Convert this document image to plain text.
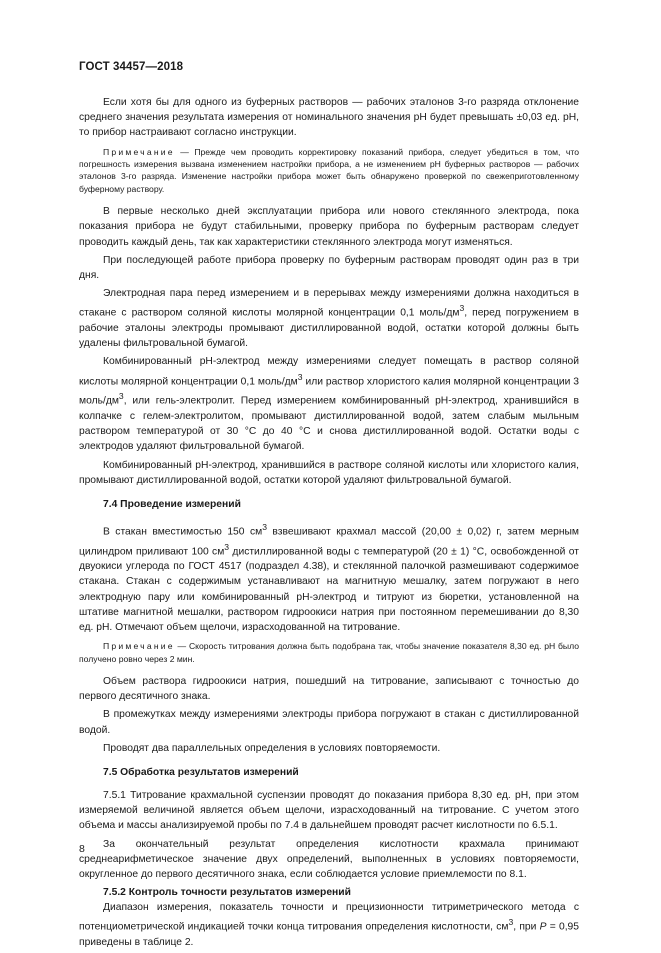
ГОСТ 34457—2018

Если хотя бы для одного из буферных растворов — рабочих эталонов 3-го разряда отклонение среднего значения результата измерения от номинального значения pH будет превышать ±0,03 ед. pH, то прибор настраивают согласно инструкции.

Примечание — Прежде чем проводить корректировку показаний прибора, следует убедиться в том, что погрешность измерения вызвана изменением настройки прибора, а не изменением pH буферных растворов — рабочих эталонов 3-го разряда. Изменение настройки прибора может быть обнаружено проверкой по свежеприготовленному буферному раствору.

В первые несколько дней эксплуатации прибора или нового стеклянного электрода, пока показания прибора не будут стабильными, проверку прибора по буферным растворам следует проводить каждый день, так как характеристики стеклянного электрода могут изменяться.

При последующей работе прибора проверку по буферным растворам проводят один раз в три дня.

Электродная пара перед измерением и в перерывах между измерениями должна находиться в стакане с раствором соляной кислоты молярной концентрации 0,1 моль/$дм^3$, перед погружением в рабочие эталоны электроды промывают дистиллированной водой, остатки которой должны быть удалены фильтровальной бумагой.

Комбинированный pH-электрод между измерениями следует помещать в раствор соляной кислоты молярной концентрации 0,1 моль/$дм^3$ или раствор хлористого калия молярной концентрации 3 моль/$дм^3$, или гель-электролит. Перед измерением комбинированный pH-электрод, хранившийся в колпачке с гелем-электролитом, промывают дистиллированной водой, затем слабым мыльным раствором температурой от 30 °С до 40 °С и снова дистиллированной водой. Остатки воды с электродов удаляют фильтровальной бумагой.

Комбинированный pH-электрод, хранившийся в растворе соляной кислоты или хлористого калия, промывают дистиллированной водой, остатки которой удаляют фильтровальной бумагой.

7.4 Проведение измерений

В стакан вместимостью 150 $см^3$ взвешивают крахмал массой (20,00 ± 0,02) г, затем мерным цилиндром приливают 100 $см^3$ дистиллированной воды с температурой (20 ± 1) °С, освобожденной от двуокиси углерода по ГОСТ 4517 (подраздел 4.38), и стеклянной палочкой размешивают содержимое стакана. Стакан с содержимым устанавливают на магнитную мешалку, затем погружают в него электродную пару или комбинированный pH-электрод и титруют из бюретки, установленной на штативе магнитной мешалки, раствором гидроокиси натрия при постоянном перемешивании до 8,30 ед. pH. Отмечают объем щелочи, израсходованной на титрование.

Примечание — Скорость титрования должна быть подобрана так, чтобы значение показателя 8,30 ед. pH было получено ровно через 2 мин.

Объем раствора гидроокиси натрия, пошедший на титрование, записывают с точностью до первого десятичного знака.

В промежутках между измерениями электроды прибора погружают в стакан с дистиллированной водой.

Проводят два параллельных определения в условиях повторяемости.

7.5 Обработка результатов измерений

7.5.1 Титрование крахмальной суспензии проводят до показания прибора 8,30 ед. pH, при этом измеряемой величиной является объем щелочи, израсходованный на титрование. С учетом этого объема и массы анализируемой пробы по 7.4 в дальнейшем проводят расчет кислотности по 6.5.1.

За окончательный результат определения кислотности крахмала принимают среднеарифметическое значение двух определений, выполненных в условиях повторяемости, округленное до первого десятичного знака, если соблюдается условие приемлемости по 8.1.

7.5.2 Контроль точности результатов измерений

Диапазон измерения, показатель точности и прецизионности титриметрического метода с потенциометрической индикацией точки конца титрования определения кислотности, $см^3$, при P = 0,95 приведены в таблице 2.

8
